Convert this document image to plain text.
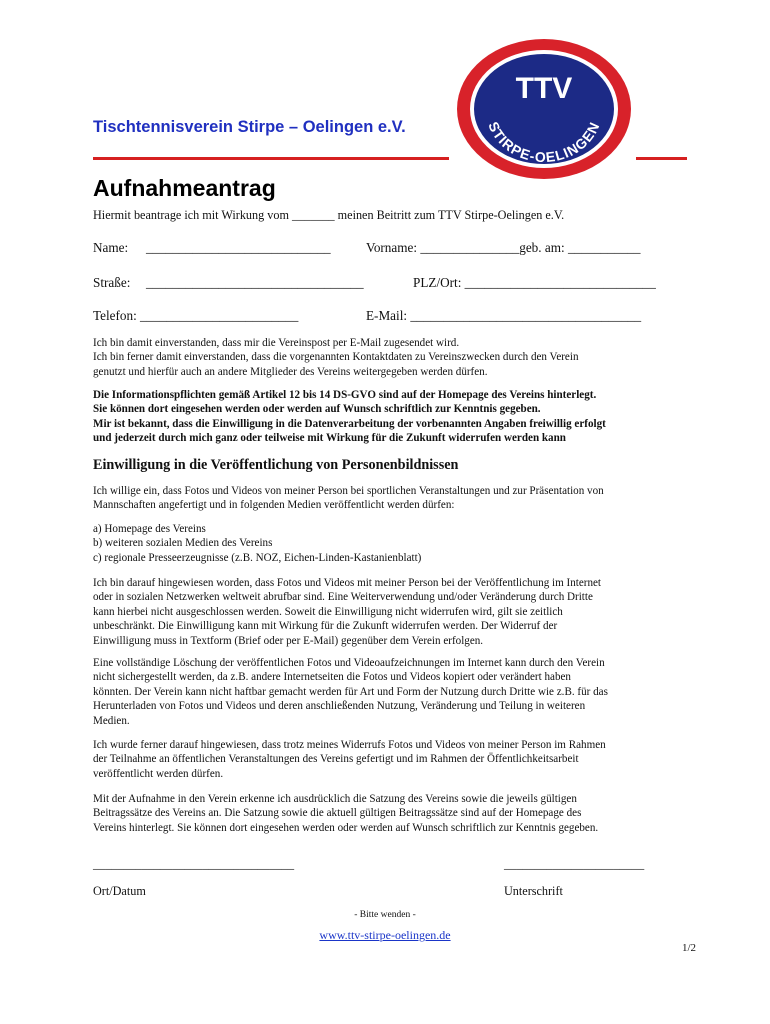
Tischtennisverein Stirpe – Oelingen e.V.
TTV
STIRPE-OELINGEN
Aufnahmeantrag
Hiermit beantrage ich mit Wirkung vom _______ meinen Beitritt zum TTV Stirpe-Oelingen e.V.
Name: ____________________________	Vorname: _______________geb. am: ___________
Straße: _________________________________	PLZ/Ort: _____________________________
Telefon: ________________________	E-Mail: ___________________________________

Ich bin damit einverstanden, dass mir die Vereinspost per E-Mail zugesendet wird.

Ich bin ferner damit einverstanden, dass die vorgenannten Kontaktdaten zu Vereinszwecken durch den Verein

genutzt und hierfür auch an andere Mitglieder des Vereins weitergegeben werden dürfen.

Die Informationspflichten gemäß Artikel 12 bis 14 DS-GVO sind auf der Homepage des Vereins hinterlegt.

Sie können dort eingesehen werden oder werden auf Wunsch schriftlich zur Kenntnis gegeben.

Mir ist bekannt, dass die Einwilligung in die Datenverarbeitung der vorbenannten Angaben freiwillig erfolgt

und jederzeit durch mich ganz oder teilweise mit Wirkung für die Zukunft widerrufen werden kann

Einwilligung in die Veröffentlichung von Personenbildnissen
Ich willige ein, dass Fotos und Videos von meiner Person bei sportlichen Veranstaltungen und zur Präsentation von
Mannschaften angefertigt und in folgenden Medien veröffentlicht werden dürfen:
a) Homepage des Vereins
b) weiteren sozialen Medien des Vereins
c) regionale Presseerzeugnisse (z.B. NOZ, Eichen-Linden-Kastanienblatt)
Ich bin darauf hingewiesen worden, dass Fotos und Videos mit meiner Person bei der Veröffentlichung im Internet
oder in sozialen Netzwerken weltweit abrufbar sind. Eine Weiterverwendung und/oder Veränderung durch Dritte
kann hierbei nicht ausgeschlossen werden. Soweit die Einwilligung nicht widerrufen wird, gilt sie zeitlich
unbeschränkt. Die Einwilligung kann mit Wirkung für die Zukunft widerrufen werden. Der Widerruf der
Einwilligung muss in Textform (Brief oder per E-Mail) gegenüber dem Verein erfolgen.
Eine vollständige Löschung der veröffentlichen Fotos und Videoaufzeichnungen im Internet kann durch den Verein
nicht sichergestellt werden, da z.B. andere Internetseiten die Fotos und Videos kopiert oder verändert haben
könnten. Der Verein kann nicht haftbar gemacht werden für Art und Form der Nutzung durch Dritte wie z.B. für das
Herunterladen von Fotos und Videos und deren anschließenden Nutzung, Veränderung und Teilung in weiteren
Medien.
Ich wurde ferner darauf hingewiesen, dass trotz meines Widerrufs Fotos und Videos von meiner Person im Rahmen
der Teilnahme an öffentlichen Veranstaltungen des Vereins gefertigt und im Rahmen der Öffentlichkeitsarbeit
veröffentlicht werden dürfen.
Mit der Aufnahme in den Verein erkenne ich ausdrücklich die Satzung des Vereins sowie die jeweils gültigen
Beitragssätze des Vereins an. Die Satzung sowie die aktuell gültigen Beitragssätze sind auf der Homepage des
Vereins hinterlegt. Sie können dort eingesehen werden oder werden auf Wunsch schriftlich zur Kenntnis gegeben.
_________________________________	_______________________
Ort/Datum	Unterschrift
- Bitte wenden -
www.ttv-stirpe-oelingen.de
1/2
